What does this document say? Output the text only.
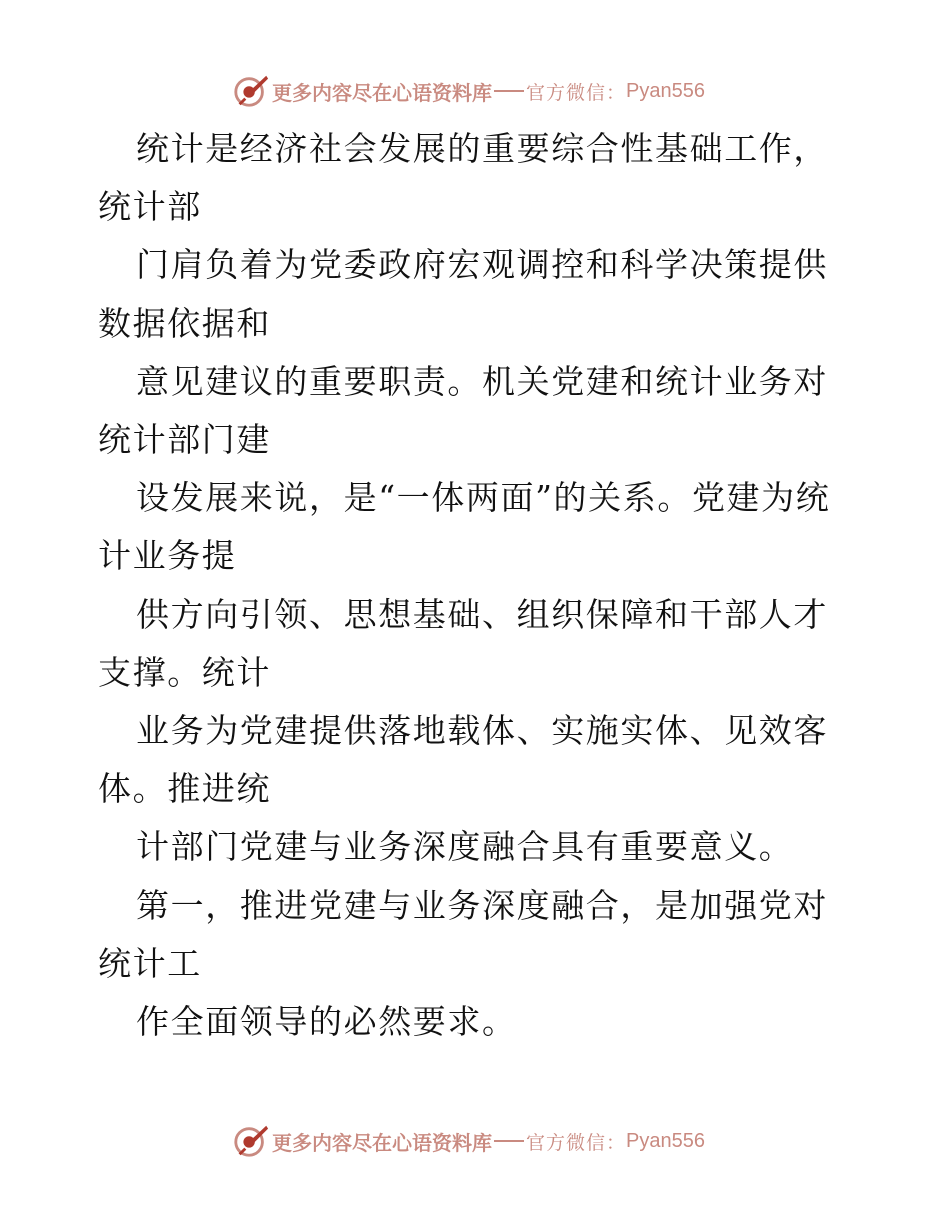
更多内容尽在心语资料库 官方微信： Pyan556

统计是经济社会发展的重要综合性基础工作，统计部

门肩负着为党委政府宏观调控和科学决策提供数据依据和

意见建议的重要职责。机关党建和统计业务对统计部门建

设发展来说，是“一体两面”的关系。党建为统计业务提

供方向引领、思想基础、组织保障和干部人才支撑。统计

业务为党建提供落地载体、实施实体、见效客体。推进统

计部门党建与业务深度融合具有重要意义。

第一，推进党建与业务深度融合，是加强党对统计工

作全面领导的必然要求。

更多内容尽在心语资料库 官方微信： Pyan556
